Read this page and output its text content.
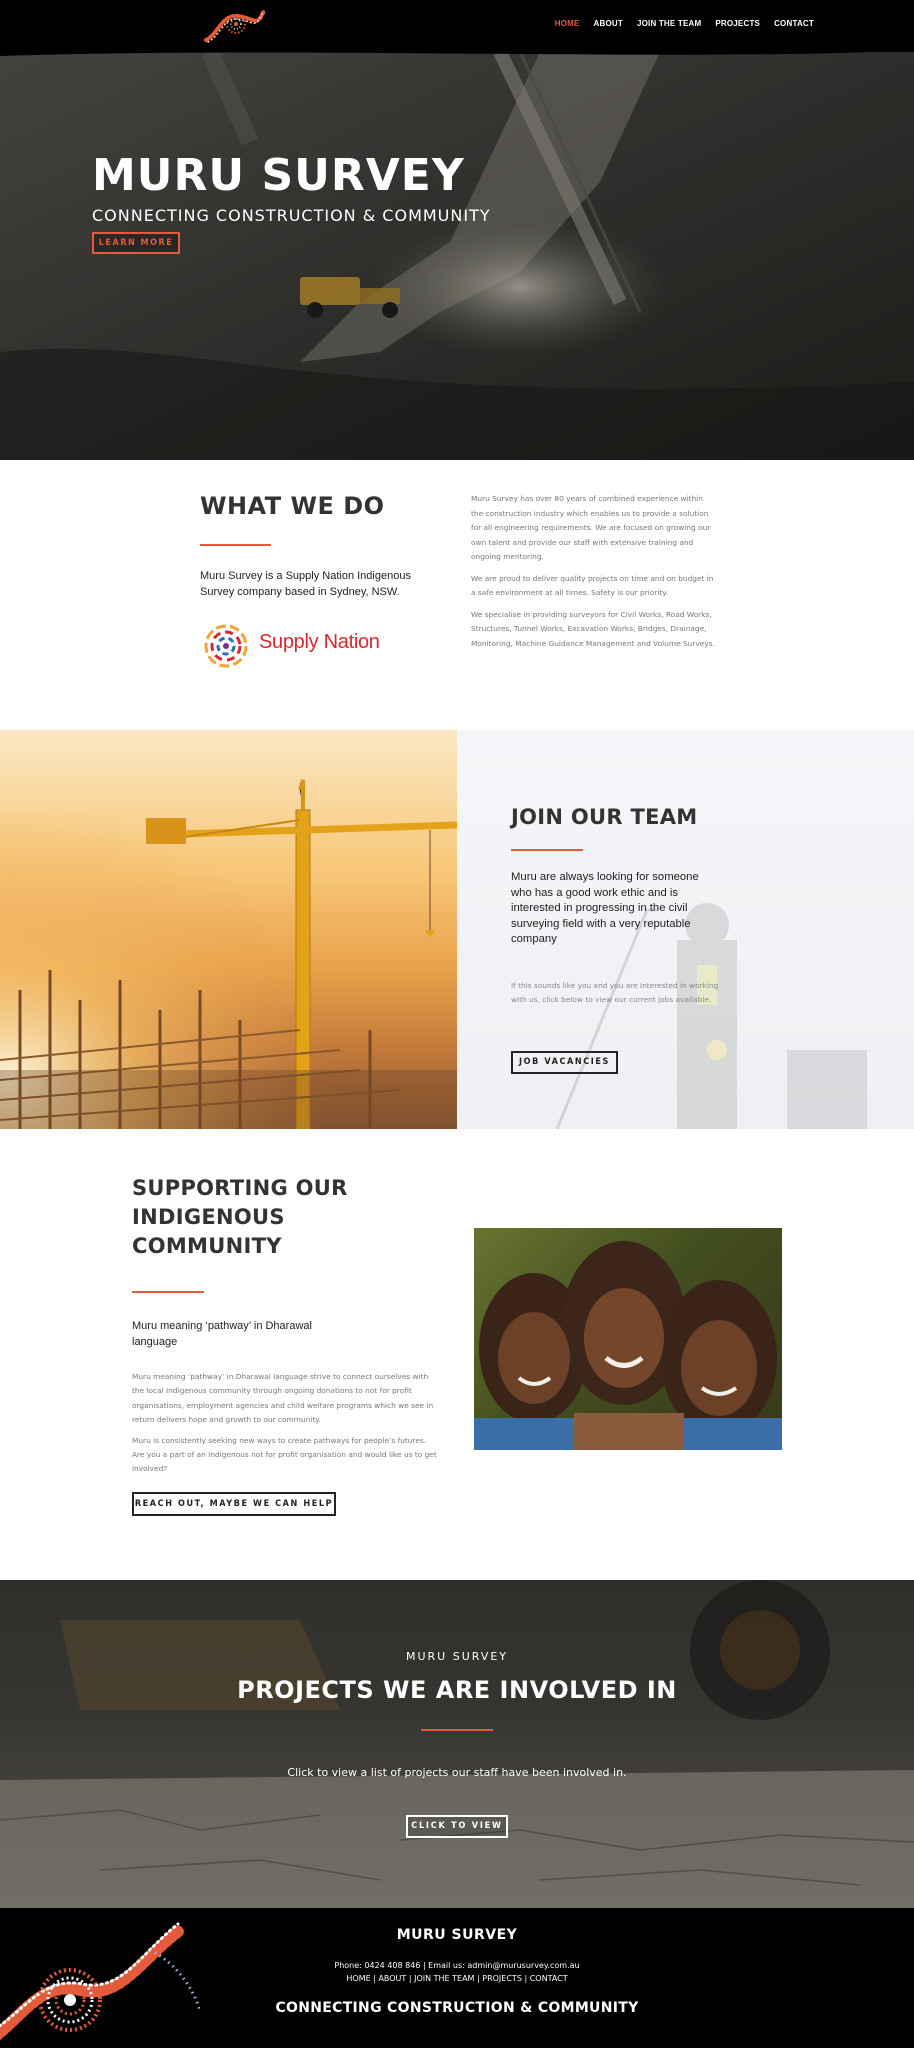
HOME ABOUT JOIN THE TEAM PROJECTS CONTACT
MURU SURVEY
CONNECTING CONSTRUCTION & COMMUNITY
LEARN MORE
WHAT WE DO
Muru Survey is a Supply Nation Indigenous Survey company based in Sydney, NSW.
Supply Nation

Muru Survey has over 80 years of combined experience within the construction industry which enables us to provide a solution for all engineering requirements. We are focused on growing our own talent and provide our staff with extensive training and ongoing mentoring.

We are proud to deliver quality projects on time and on budget in a safe environment at all times. Safety is our priority.

We specialise in providing surveyors for Civil Works, Road Works, Structures, Tunnel Works, Excavation Works, Bridges, Drainage, Monitoring, Machine Guidance Management and Volume Surveys.

JOIN OUR TEAM
Muru are always looking for someone who has a good work ethic and is interested in progressing in the civil surveying field with a very reputable company
If this sounds like you and you are interested in working with us, click below to view our current jobs available.
JOB VACANCIES
SUPPORTING OUR INDIGENOUS COMMUNITY
Muru meaning ‘pathway’ in Dharawal language

Muru meaning ‘pathway’ in Dharawal language strive to connect ourselves with the local Indigenous community through ongoing donations to not for profit organisations, employment agencies and child welfare programs which we see in return delivers hope and growth to our community.

Muru is consistently seeking new ways to create pathways for people’s futures. Are you a part of an Indigenous not for profit organisation and would like us to get involved?

REACH OUT, MAYBE WE CAN HELP
MURU SURVEY
PROJECTS WE ARE INVOLVED IN
Click to view a list of projects our staff have been involved in.
CLICK TO VIEW
MURU SURVEY
Phone: 0424 408 846 | Email us: admin@murusurvey.com.au
HOME | ABOUT | JOIN THE TEAM | PROJECTS | CONTACT
CONNECTING CONSTRUCTION & COMMUNITY
